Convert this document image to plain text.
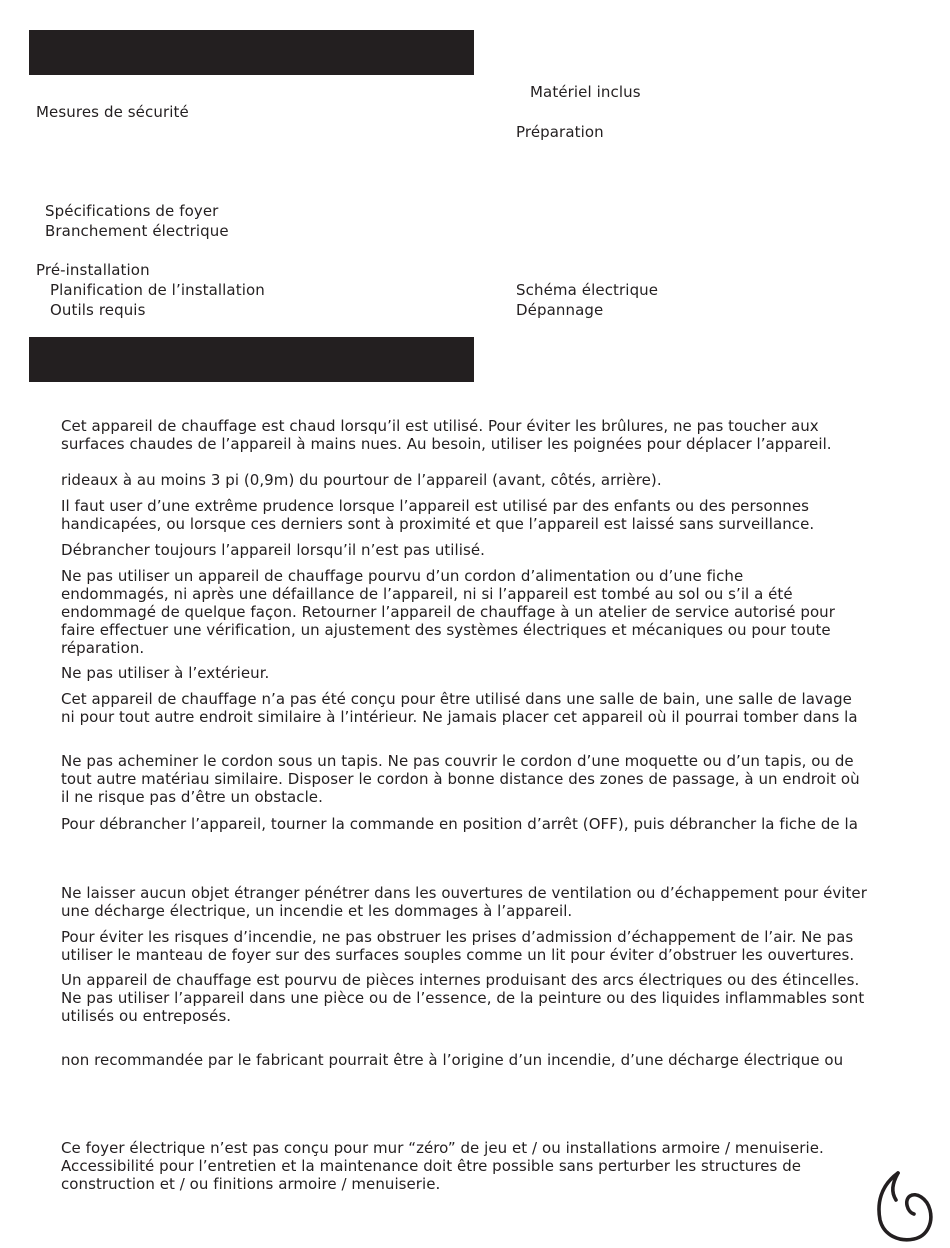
Mesures de sécurité
Spécifications de foyer
Branchement électrique
Pré-installation
Planification de l’installation
Outils requis
Matériel inclus
Préparation
Schéma électrique
Dépannage
Cet appareil de chauffage est chaud lorsqu’il est utilisé. Pour éviter les brûlures, ne pas toucher aux
surfaces chaudes de l’appareil à mains nues. Au besoin, utiliser les poignées pour déplacer l’appareil.
rideaux à au moins 3 pi (0,9m) du pourtour de l’appareil (avant, côtés, arrière).
Il faut user d’une extrême prudence lorsque l’appareil est utilisé par des enfants ou des personnes
handicapées, ou lorsque ces derniers sont à proximité et que l’appareil est laissé sans surveillance.
Débrancher toujours l’appareil lorsqu’il n’est pas utilisé.
Ne pas utiliser un appareil de chauffage pourvu d’un cordon d’alimentation ou d’une fiche
endommagés, ni après une défaillance de l’appareil, ni si l’appareil est tombé au sol ou s’il a été
endommagé de quelque façon. Retourner l’appareil de chauffage à un atelier de service autorisé pour
faire effectuer une vérification, un ajustement des systèmes électriques et mécaniques ou pour toute
réparation.
Ne pas utiliser à l’extérieur.
Cet appareil de chauffage n’a pas été conçu pour être utilisé dans une salle de bain, une salle de lavage
ni pour tout autre endroit similaire à l’intérieur. Ne jamais placer cet appareil où il pourrai tomber dans la
Ne pas acheminer le cordon sous un tapis. Ne pas couvrir le cordon d’une moquette ou d’un tapis, ou de
tout autre matériau similaire. Disposer le cordon à bonne distance des zones de passage, à un endroit où
il ne risque pas d’être un obstacle.
Pour débrancher l’appareil, tourner la commande en position d’arrêt (OFF), puis débrancher la fiche de la
Ne laisser aucun objet étranger pénétrer dans les ouvertures de ventilation ou d’échappement pour éviter
une décharge électrique, un incendie et les dommages à l’appareil.
Pour éviter les risques d’incendie, ne pas obstruer les prises d’admission d’échappement de l’air. Ne pas
utiliser le manteau de foyer sur des surfaces souples comme un lit pour éviter d’obstruer les ouvertures.
Un appareil de chauffage est pourvu de pièces internes produisant des arcs électriques ou des étincelles.
Ne pas utiliser l’appareil dans une pièce ou de l’essence, de la peinture ou des liquides inflammables sont
utilisés ou entreposés.
non recommandée par le fabricant pourrait être à l’origine d’un incendie, d’une décharge électrique ou
Ce foyer électrique n’est pas conçu pour mur “zéro” de jeu et / ou installations armoire / menuiserie.
Accessibilité pour l’entretien et la maintenance doit être possible sans perturber les structures de
construction et / ou finitions armoire / menuiserie.
